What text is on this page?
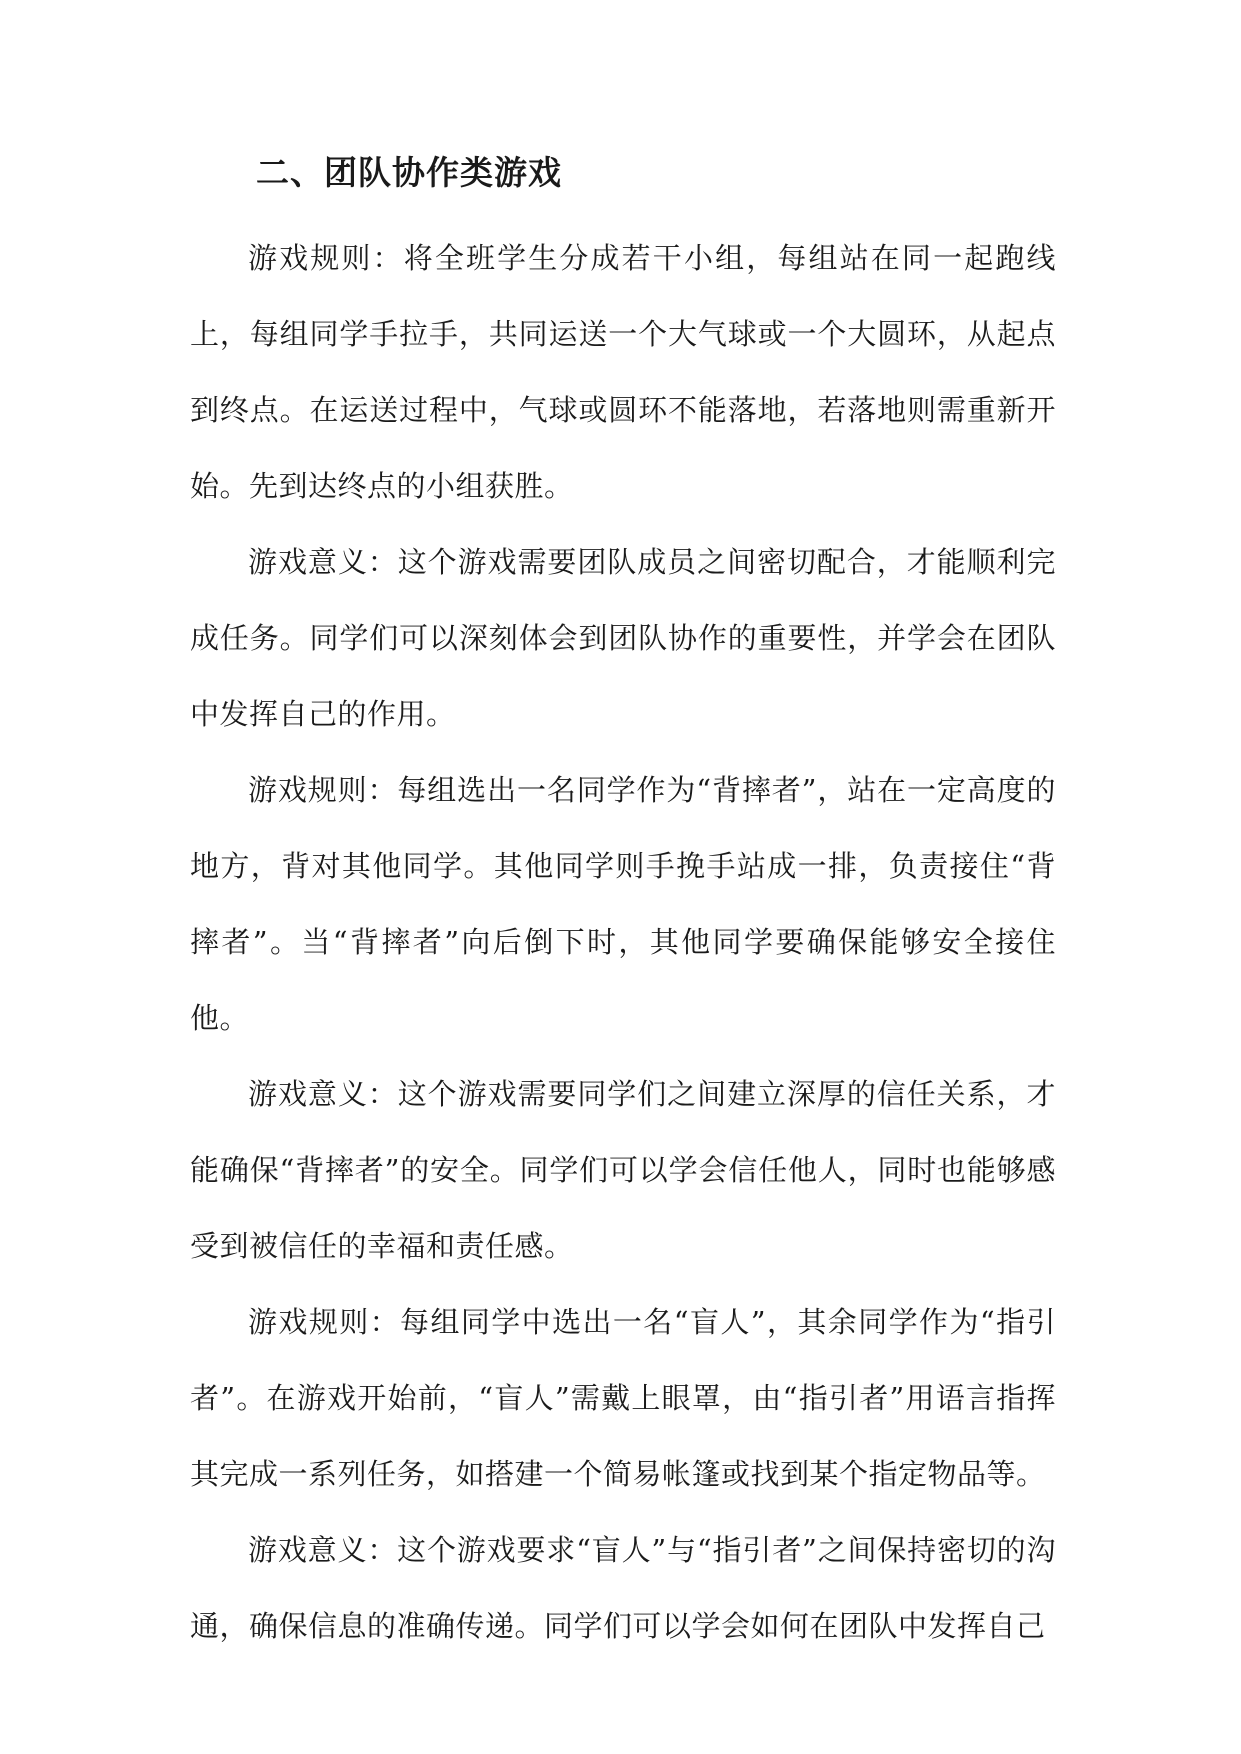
二、团队协作类游戏

游戏规则：将全班学生分成若干小组，每组站在同一起跑线上，每组同学手拉手，共同运送一个大气球或一个大圆环，从起点到终点。在运送过程中，气球或圆环不能落地，若落地则需重新开始。先到达终点的小组获胜。

游戏意义：这个游戏需要团队成员之间密切配合，才能顺利完成任务。同学们可以深刻体会到团队协作的重要性，并学会在团队中发挥自己的作用。

游戏规则：每组选出一名同学作为“背摔者”，站在一定高度的地方，背对其他同学。其他同学则手挽手站成一排，负责接住“背摔者”。当“背摔者”向后倒下时，其他同学要确保能够安全接住他。

游戏意义：这个游戏需要同学们之间建立深厚的信任关系，才能确保“背摔者”的安全。同学们可以学会信任他人，同时也能够感受到被信任的幸福和责任感。

游戏规则：每组同学中选出一名“盲人”，其余同学作为“指引者”。在游戏开始前，“盲人”需戴上眼罩，由“指引者”用语言指挥其完成一系列任务，如搭建一个简易帐篷或找到某个指定物品等。

游戏意义：这个游戏要求“盲人”与“指引者”之间保持密切的沟通，确保信息的准确传递。同学们可以学会如何在团队中发挥自己
